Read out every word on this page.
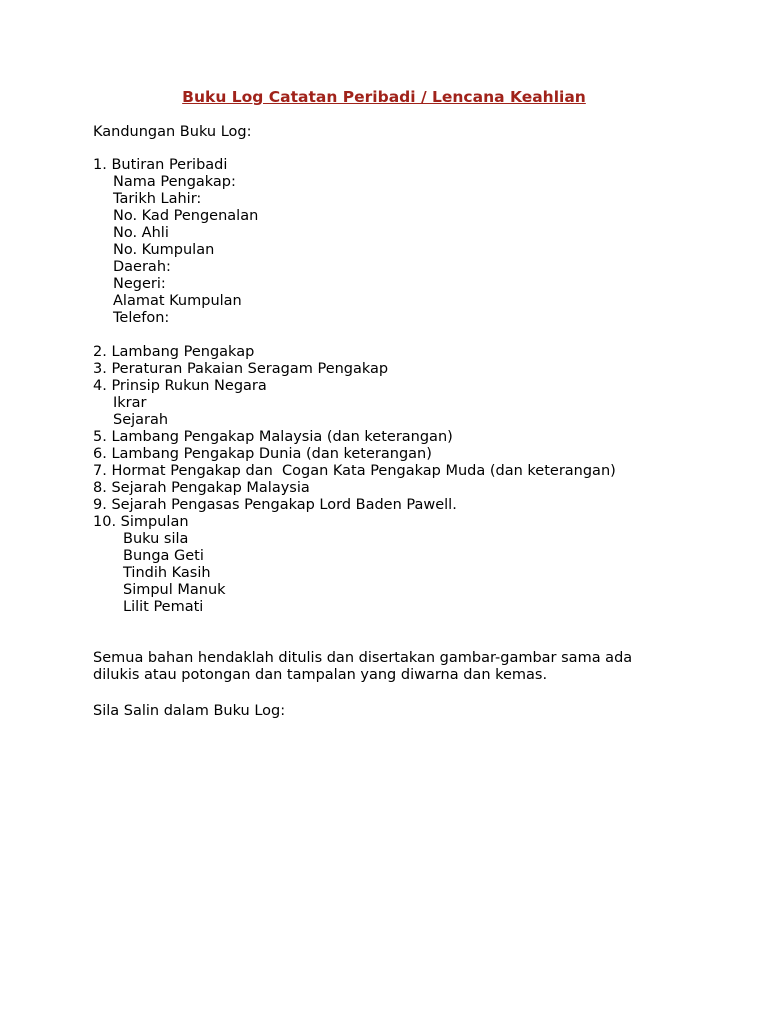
Buku Log Catatan Peribadi / Lencana Keahlian
Kandungan Buku Log:
1. Butiran Peribadi
Nama Pengakap:
Tarikh Lahir:
No. Kad Pengenalan
No. Ahli
No. Kumpulan
Daerah:
Negeri:
Alamat Kumpulan
Telefon:
2. Lambang Pengakap
3. Peraturan Pakaian Seragam Pengakap
4. Prinsip Rukun Negara
Ikrar
Sejarah
5. Lambang Pengakap Malaysia (dan keterangan)
6. Lambang Pengakap Dunia (dan keterangan)
7. Hormat Pengakap dan  Cogan Kata Pengakap Muda (dan keterangan)
8. Sejarah Pengakap Malaysia
9. Sejarah Pengasas Pengakap Lord Baden Pawell.
10. Simpulan
Buku sila
Bunga Geti
Tindih Kasih
Simpul Manuk
Lilit Pemati
Semua bahan hendaklah ditulis dan disertakan gambar-gambar sama ada
dilukis atau potongan dan tampalan yang diwarna dan kemas.
Sila Salin dalam Buku Log:
